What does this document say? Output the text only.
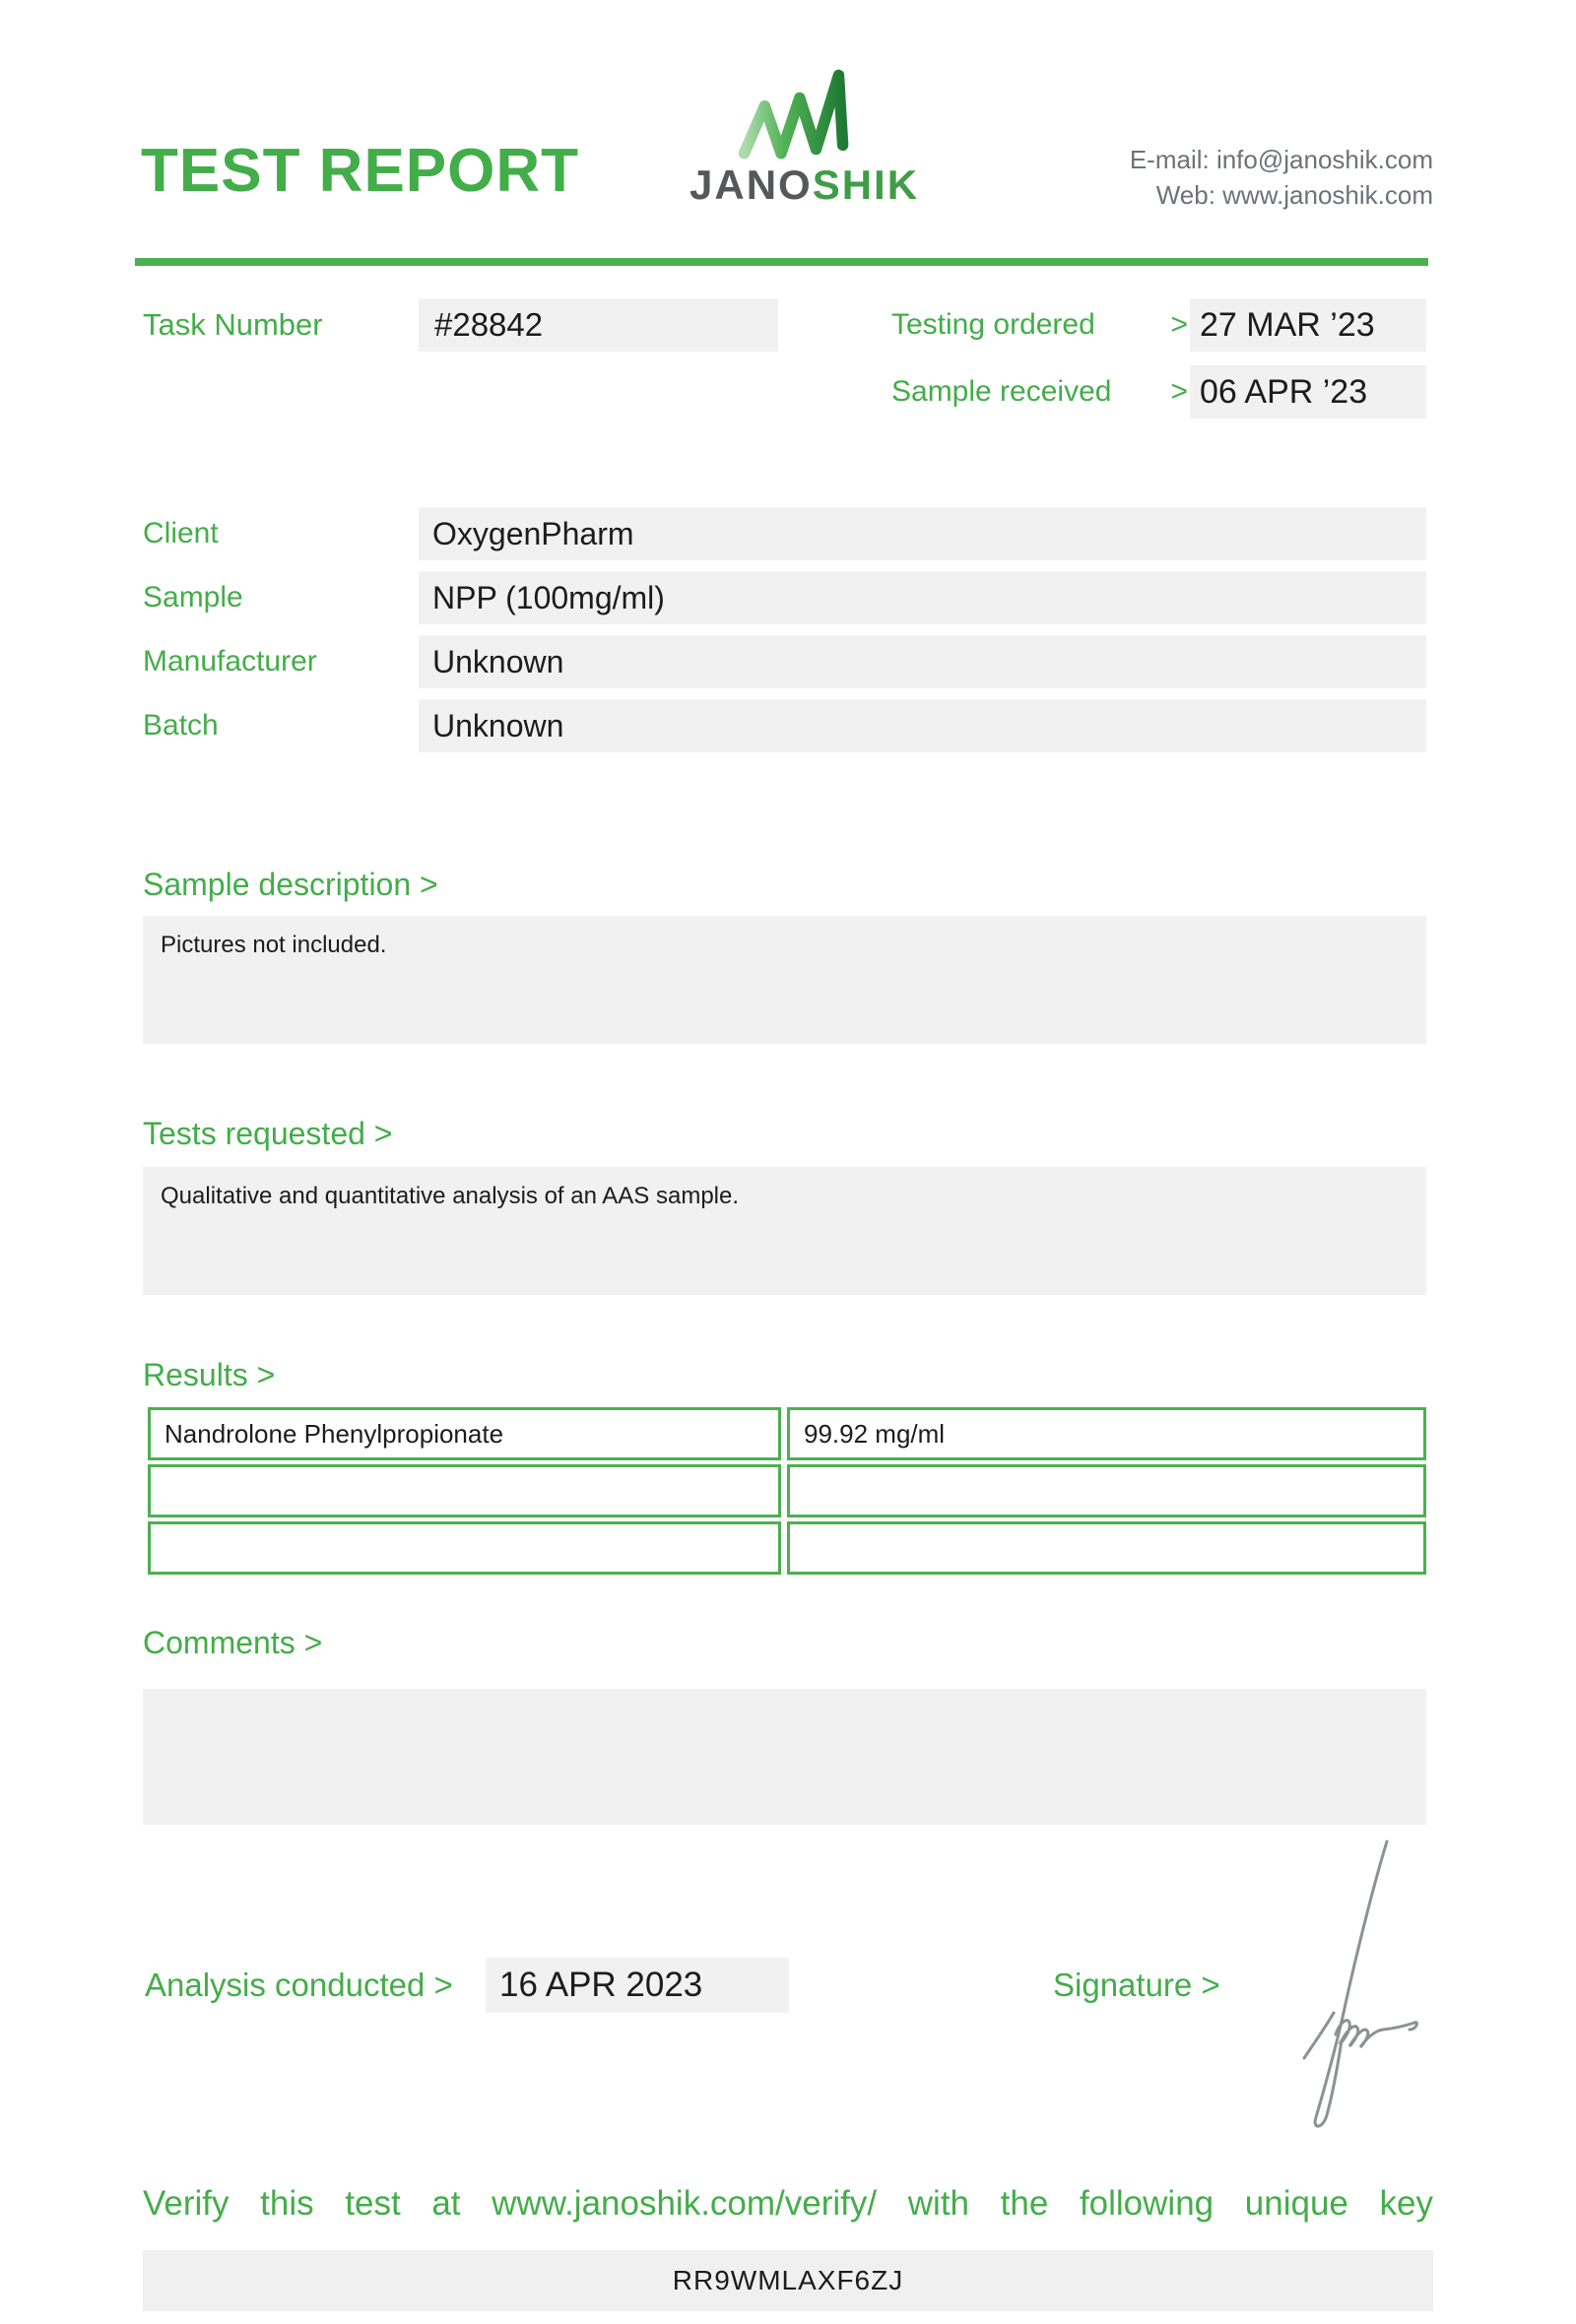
TEST REPORT	JANOSHIK
E-mail: info@janoshik.com
Web: www.janoshik.com
Task Number	#28842	Testing ordered	> 27 MAR ’23
Sample received > 06 APR ’23
Client	OxygenPharm
Sample	NPP (100mg/ml)
Manufacturer	Unknown
Batch	Unknown
Sample description >
Pictures not included.
Tests requested >
Qualitative and quantitative analysis of an AAS sample.
Results >
Nandrolone Phenylpropionate	99.92 mg/ml
Comments >
Analysis conducted >	16 APR 2023	Signature >
Verify this test at www.janoshik.com/verify/ with the following unique key
RR9WMLAXF6ZJ
